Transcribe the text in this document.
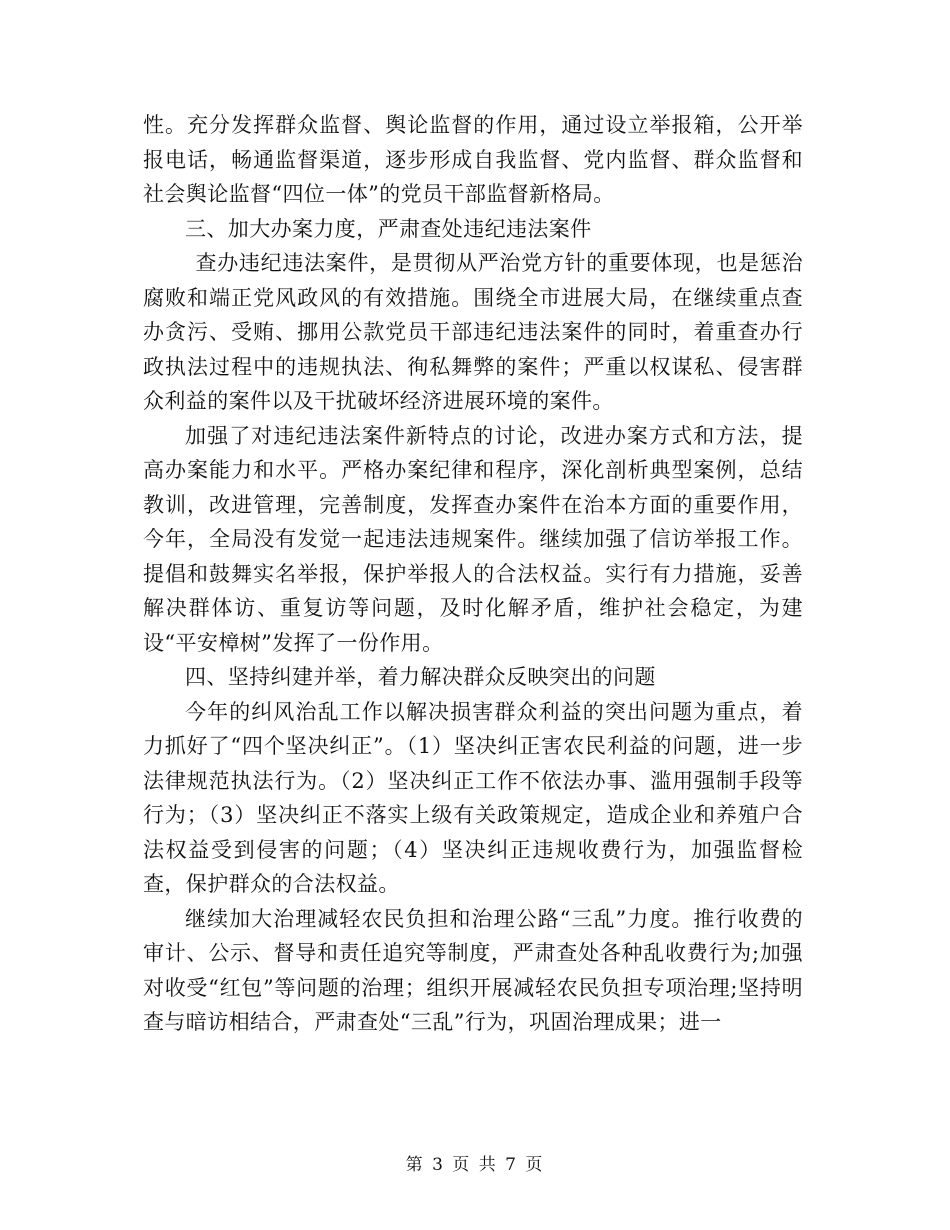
性。充分发挥群众监督、舆论监督的作用，通过设立举报箱，公开举报电话，畅通监督渠道，逐步形成自我监督、党内监督、群众监督和社会舆论监督“四位一体”的党员干部监督新格局。

三、加大办案力度，严肃查处违纪违法案件

查办违纪违法案件，是贯彻从严治党方针的重要体现，也是惩治腐败和端正党风政风的有效措施。围绕全市进展大局，在继续重点查办贪污、受贿、挪用公款党员干部违纪违法案件的同时，着重查办行政执法过程中的违规执法、徇私舞弊的案件；严重以权谋私、侵害群众利益的案件以及干扰破坏经济进展环境的案件。

加强了对违纪违法案件新特点的讨论，改进办案方式和方法，提高办案能力和水平。严格办案纪律和程序，深化剖析典型案例，总结教训，改进管理，完善制度，发挥查办案件在治本方面的重要作用，今年，全局没有发觉一起违法违规案件。继续加强了信访举报工作。提倡和鼓舞实名举报，保护举报人的合法权益。实行有力措施，妥善解决群体访、重复访等问题，及时化解矛盾，维护社会稳定，为建设“平安樟树”发挥了一份作用。

四、坚持纠建并举，着力解决群众反映突出的问题

今年的纠风治乱工作以解决损害群众利益的突出问题为重点，着力抓好了“四个坚决纠正”。（1）坚决纠正害农民利益的问题，进一步法律规范执法行为。（2）坚决纠正工作不依法办事、滥用强制手段等行为；（3）坚决纠正不落实上级有关政策规定，造成企业和养殖户合法权益受到侵害的问题；（4）坚决纠正违规收费行为，加强监督检查，保护群众的合法权益。

继续加大治理减轻农民负担和治理公路“三乱”力度。推行收费的审计、公示、督导和责任追究等制度，严肃查处各种乱收费行为;加强对收受“红包”等问题的治理；组织开展减轻农民负担专项治理;坚持明查与暗访相结合，严肃查处“三乱”行为，巩固治理成果；进一

第 3 页 共 7 页
